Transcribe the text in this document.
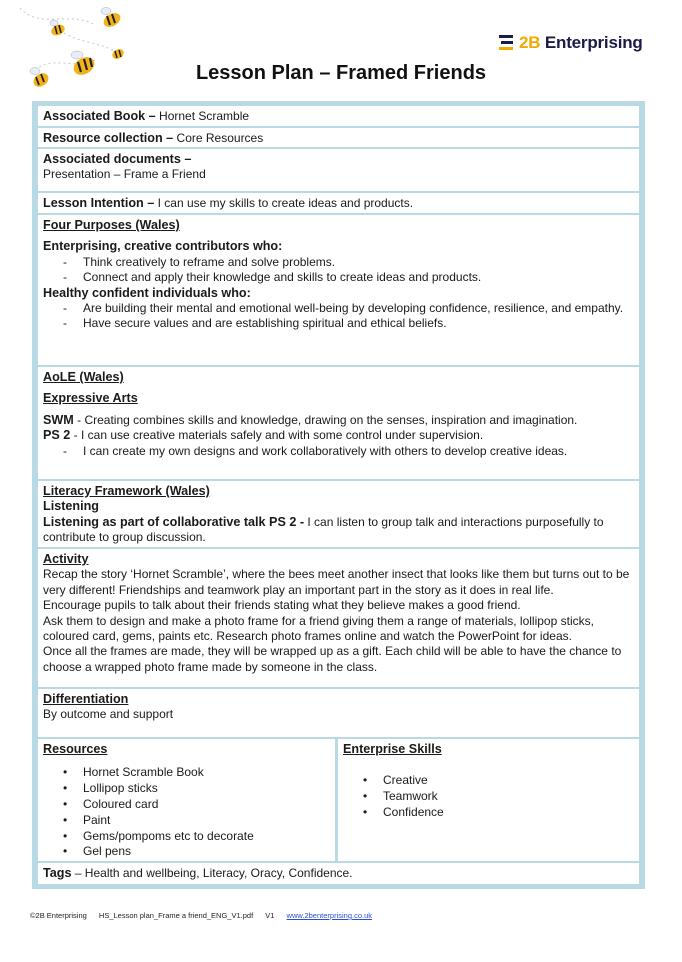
2B Enterprising
Lesson Plan – Framed Friends
Associated Book – Hornet Scramble
Resource collection – Core Resources
Associated documents –
Presentation – Frame a Friend
Lesson Intention – I can use my skills to create ideas and products.
Four Purposes (Wales)
Enterprising, creative contributors who:
- Think creatively to reframe and solve problems.
- Connect and apply their knowledge and skills to create ideas and products.
Healthy confident individuals who:
- Are building their mental and emotional well-being by developing confidence, resilience, and empathy.
- Have secure values and are establishing spiritual and ethical beliefs.
AoLE (Wales)
Expressive Arts
SWM - Creating combines skills and knowledge, drawing on the senses, inspiration and imagination.
PS 2 - I can use creative materials safely and with some control under supervision.
- I can create my own designs and work collaboratively with others to develop creative ideas.
Literacy Framework (Wales)
Listening
Listening as part of collaborative talk PS 2 - I can listen to group talk and interactions purposefully to contribute to group discussion.
Activity
Recap the story ‘Hornet Scramble’, where the bees meet another insect that looks like them but turns out to be very different! Friendships and teamwork play an important part in the story as it does in real life.
Encourage pupils to talk about their friends stating what they believe makes a good friend.
Ask them to design and make a photo frame for a friend giving them a range of materials, lollipop sticks, coloured card, gems, paints etc. Research photo frames online and watch the PowerPoint for ideas.
Once all the frames are made, they will be wrapped up as a gift. Each child will be able to have the chance to choose a wrapped photo frame made by someone in the class.
Differentiation
By outcome and support
Resources
• Hornet Scramble Book
• Lollipop sticks
• Coloured card
• Paint
• Gems/pompoms etc to decorate
• Gel pens
Enterprise Skills
• Creative
• Teamwork
• Confidence
Tags – Health and wellbeing, Literacy, Oracy, Confidence.
©2B Enterprising HS_Lesson plan_Frame a friend_ENG_V1.pdf V1 www.2benterprising.co.uk
